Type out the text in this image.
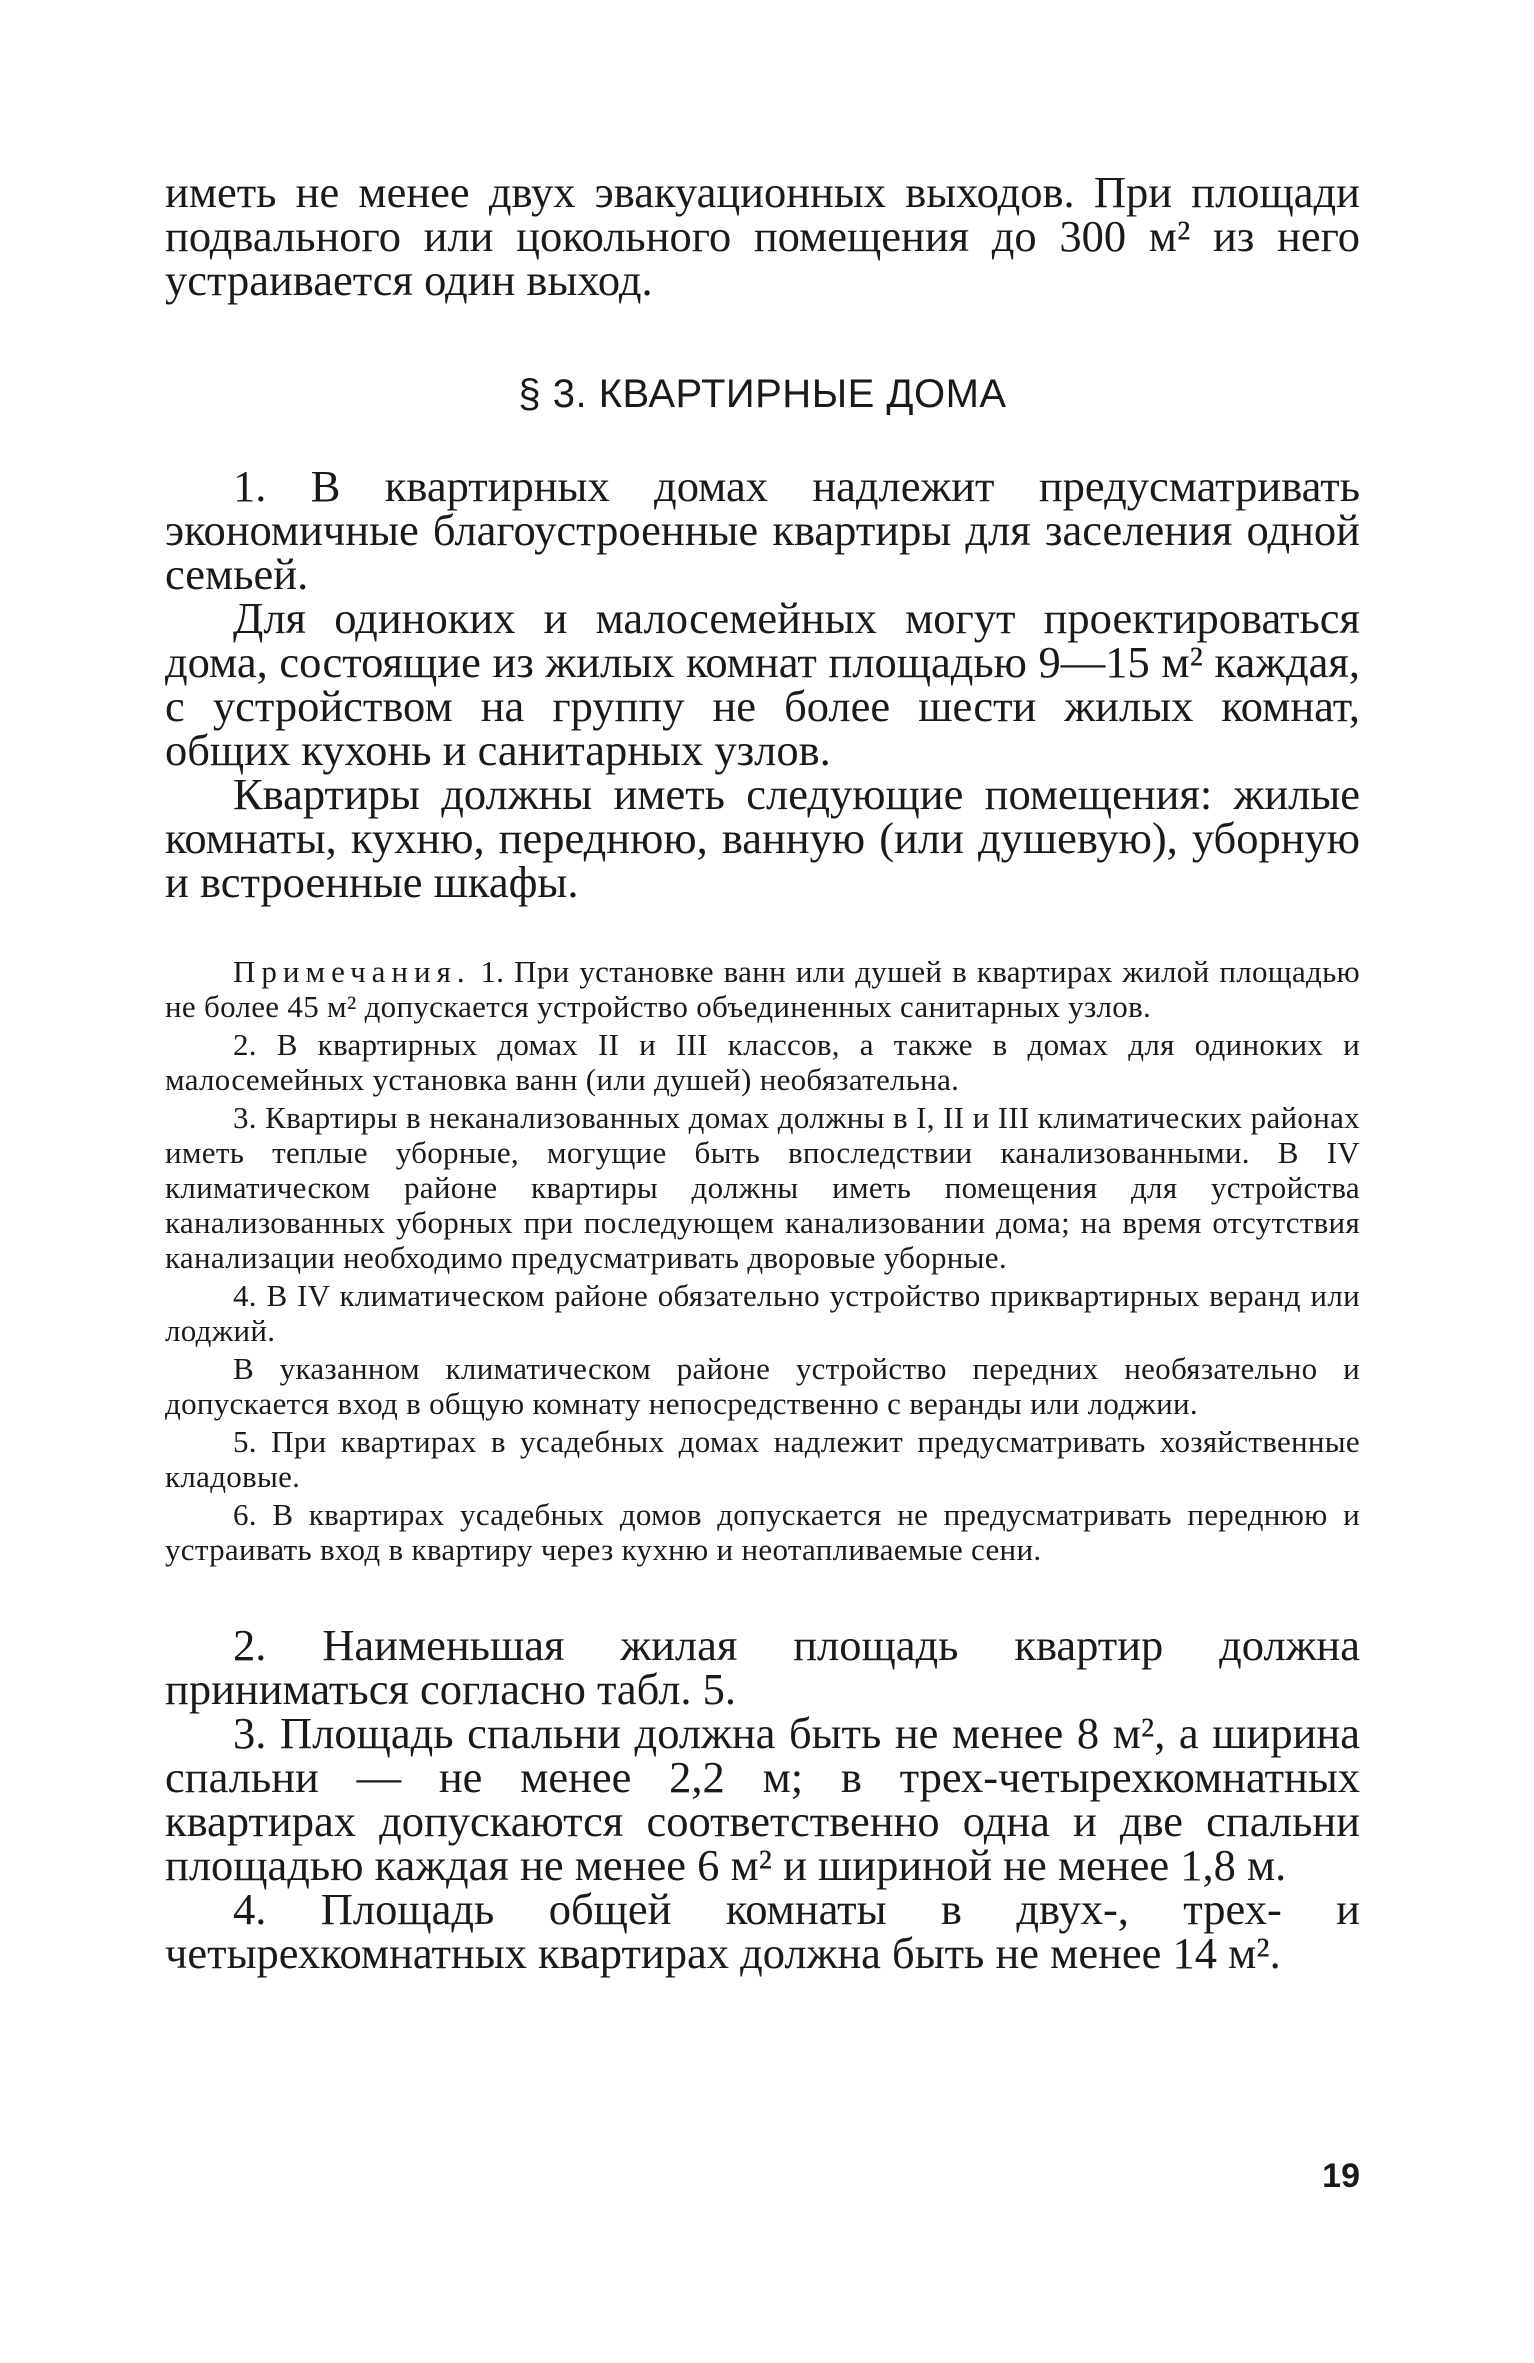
иметь не менее двух эвакуационных выходов. При площади подвального или цокольного помещения до 300 м² из него устраивается один выход.

§ 3. КВАРТИРНЫЕ ДОМА

1. В квартирных домах надлежит предусматривать экономичные благоустроенные квартиры для заселения одной семьей.

Для одиноких и малосемейных могут проектироваться дома, состоящие из жилых комнат площадью 9—15 м² каждая, с устройством на группу не более шести жилых комнат, общих кухонь и санитарных узлов.

Квартиры должны иметь следующие помещения: жилые комнаты, кухню, переднюю, ванную (или душевую), уборную и встроенные шкафы.

Примечания. 1. При установке ванн или душей в квартирах жилой площадью не более 45 м² допускается устройство объединенных санитарных узлов.

2. В квартирных домах II и III классов, а также в домах для одиноких и малосемейных установка ванн (или душей) необязательна.

3. Квартиры в неканализованных домах должны в I, II и III климатических районах иметь теплые уборные, могущие быть впоследствии канализованными. В IV климатическом районе квартиры должны иметь помещения для устройства канализованных уборных при последующем канализовании дома; на время отсутствия канализации необходимо предусматривать дворовые уборные.

4. В IV климатическом районе обязательно устройство приквартирных веранд или лоджий.

В указанном климатическом районе устройство передних необязательно и допускается вход в общую комнату непосредственно с веранды или лоджии.

5. При квартирах в усадебных домах надлежит предусматривать хозяйственные кладовые.

6. В квартирах усадебных домов допускается не предусматривать переднюю и устраивать вход в квартиру через кухню и неотапливаемые сени.

2. Наименьшая жилая площадь квартир должна приниматься согласно табл. 5.

3. Площадь спальни должна быть не менее 8 м², а ширина спальни — не менее 2,2 м; в трех-четырехкомнатных квартирах допускаются соответственно одна и две спальни площадью каждая не менее 6 м² и шириной не менее 1,8 м.

4. Площадь общей комнаты в двух-, трех- и четырехкомнатных квартирах должна быть не менее 14 м².

19
